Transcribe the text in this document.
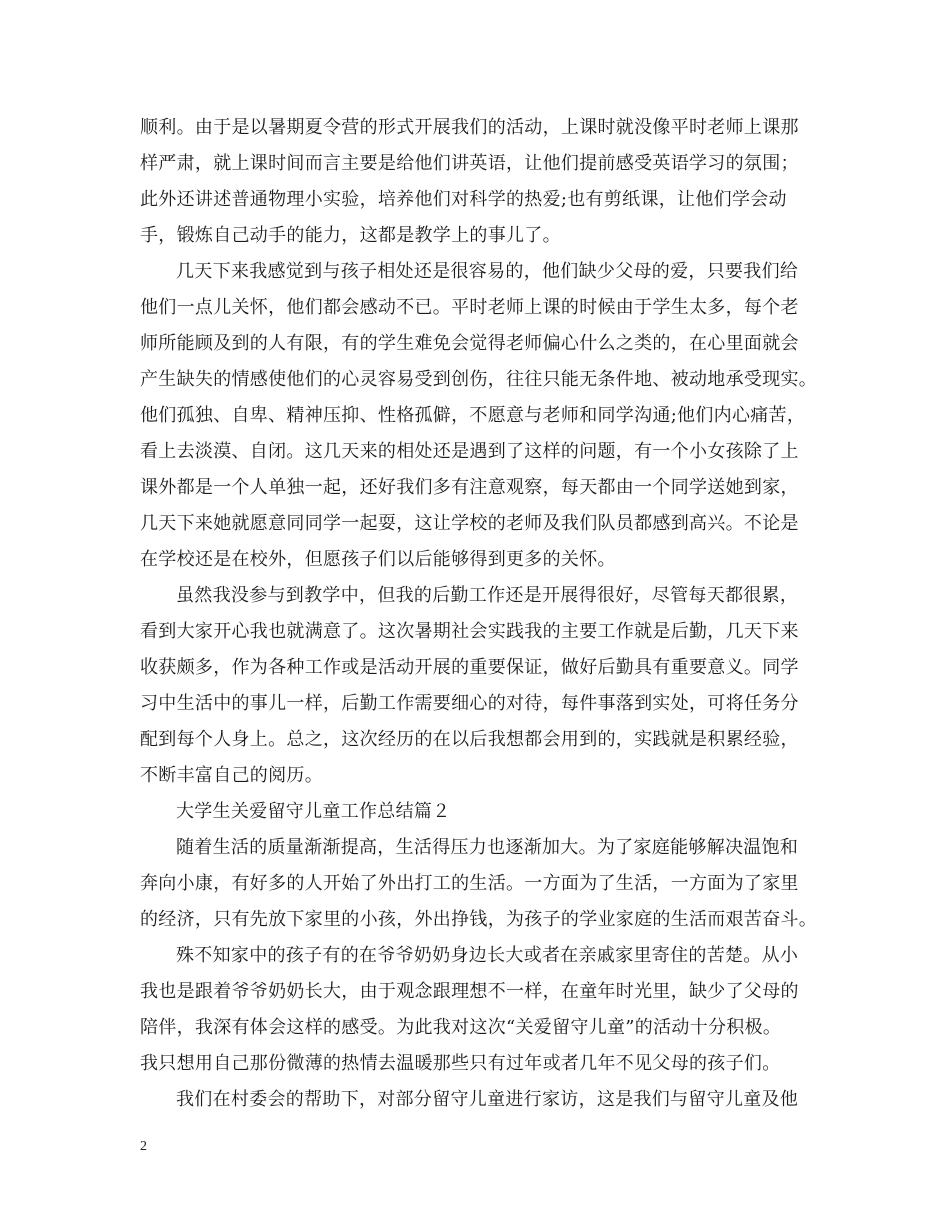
顺利。由于是以暑期夏令营的形式开展我们的活动，上课时就没像平时老师上课那
样严肃，就上课时间而言主要是给他们讲英语，让他们提前感受英语学习的氛围；
此外还讲述普通物理小实验，培养他们对科学的热爱;也有剪纸课，让他们学会动
手，锻炼自己动手的能力，这都是教学上的事儿了。
几天下来我感觉到与孩子相处还是很容易的，他们缺少父母的爱，只要我们给
他们一点儿关怀，他们都会感动不已。平时老师上课的时候由于学生太多，每个老
师所能顾及到的人有限，有的学生难免会觉得老师偏心什么之类的，在心里面就会
产生缺失的情感使他们的心灵容易受到创伤，往往只能无条件地、被动地承受现实。
他们孤独、自卑、精神压抑、性格孤僻，不愿意与老师和同学沟通;他们内心痛苦，
看上去淡漠、自闭。这几天来的相处还是遇到了这样的问题，有一个小女孩除了上
课外都是一个人单独一起，还好我们多有注意观察，每天都由一个同学送她到家，
几天下来她就愿意同同学一起耍，这让学校的老师及我们队员都感到高兴。不论是
在学校还是在校外，但愿孩子们以后能够得到更多的关怀。
虽然我没参与到教学中，但我的后勤工作还是开展得很好，尽管每天都很累，
看到大家开心我也就满意了。这次暑期社会实践我的主要工作就是后勤，几天下来
收获颇多，作为各种工作或是活动开展的重要保证，做好后勤具有重要意义。同学
习中生活中的事儿一样，后勤工作需要细心的对待，每件事落到实处，可将任务分
配到每个人身上。总之，这次经历的在以后我想都会用到的，实践就是积累经验，
不断丰富自己的阅历。
大学生关爱留守儿童工作总结篇２
随着生活的质量渐渐提高，生活得压力也逐渐加大。为了家庭能够解决温饱和
奔向小康，有好多的人开始了外出打工的生活。一方面为了生活，一方面为了家里
的经济，只有先放下家里的小孩，外出挣钱，为孩子的学业家庭的生活而艰苦奋斗。
殊不知家中的孩子有的在爷爷奶奶身边长大或者在亲戚家里寄住的苦楚。从小
我也是跟着爷爷奶奶长大，由于观念跟理想不一样，在童年时光里，缺少了父母的
陪伴，我深有体会这样的感受。为此我对这次“关爱留守儿童”的活动十分积极。
我只想用自己那份微薄的热情去温暖那些只有过年或者几年不见父母的孩子们。
我们在村委会的帮助下，对部分留守儿童进行家访，这是我们与留守儿童及他
2
